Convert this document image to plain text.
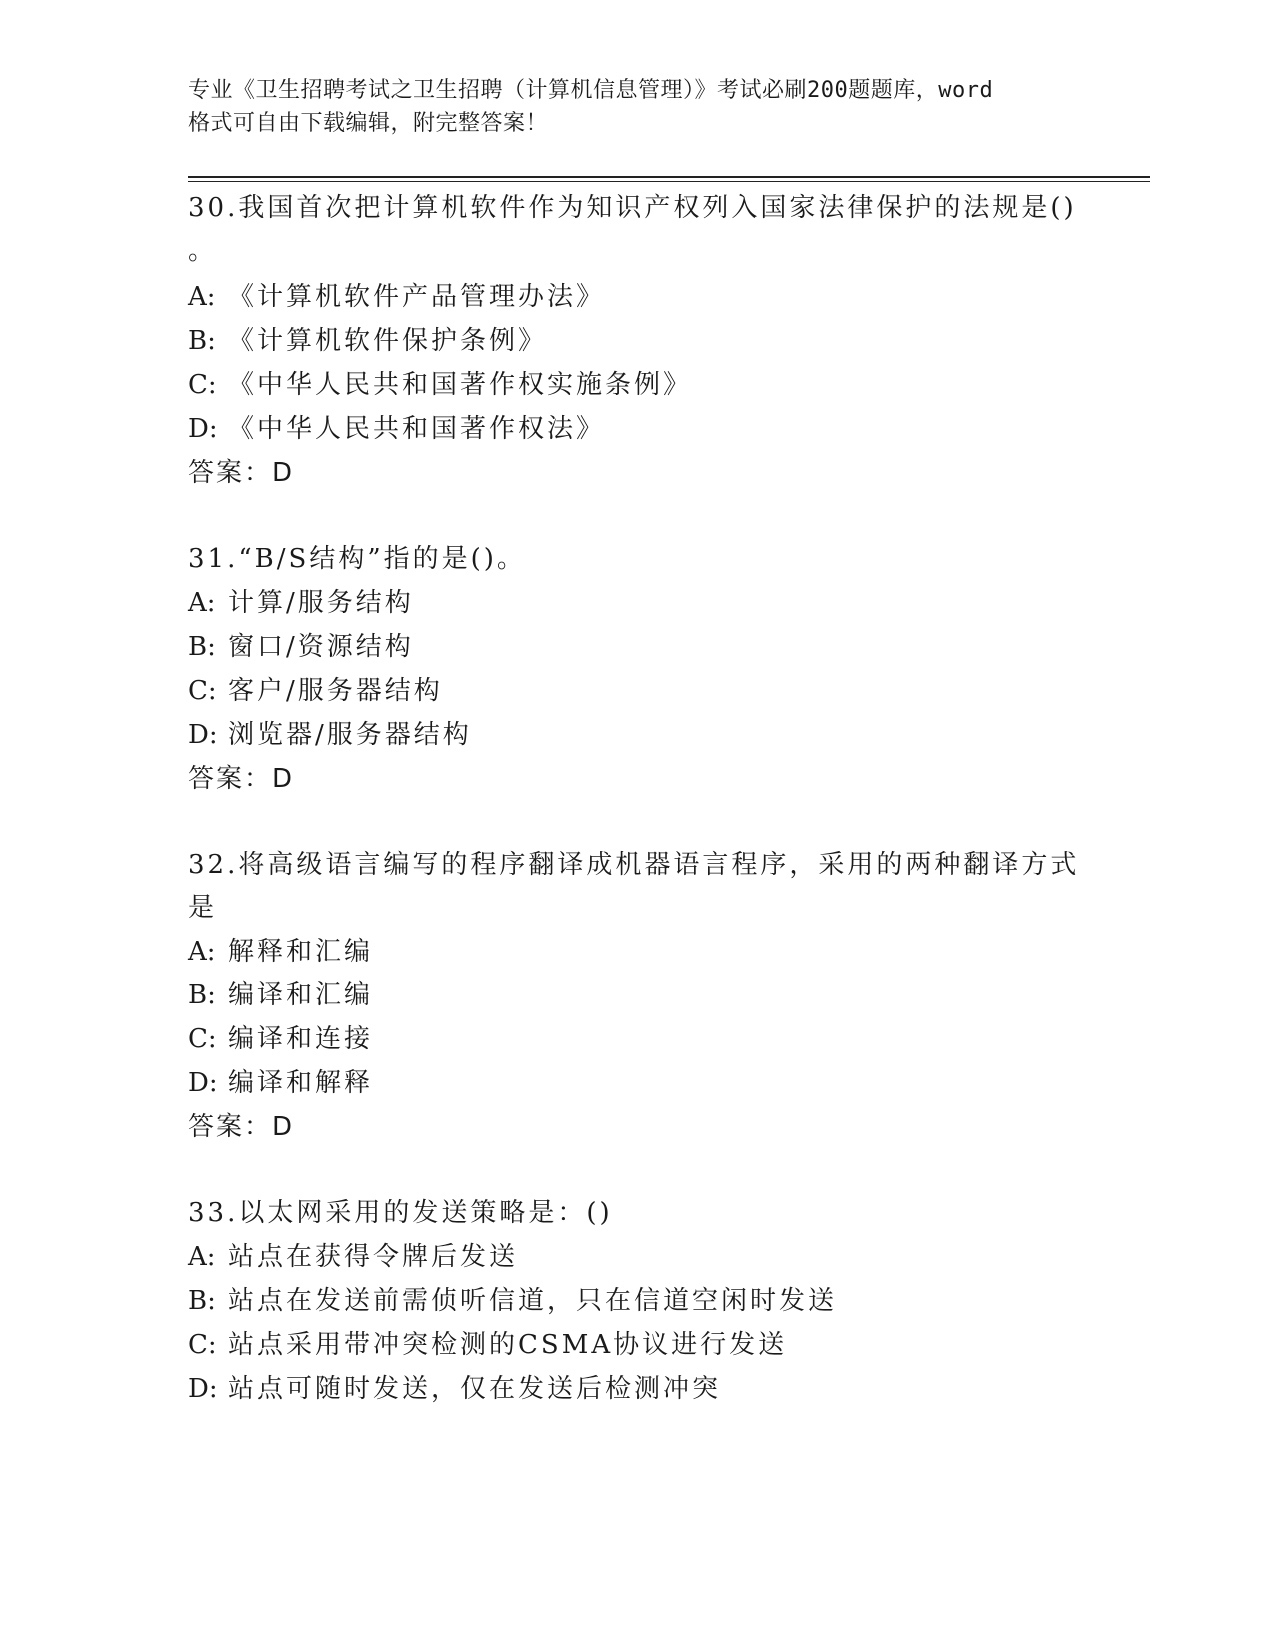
专业《卫生招聘考试之卫生招聘（计算机信息管理）》考试必刷200题题库，word
格式可自由下载编辑，附完整答案！
30.我国首次把计算机软件作为知识产权列入国家法律保护的法规是()
。
A: 《计算机软件产品管理办法》
B: 《计算机软件保护条例》
C: 《中华人民共和国著作权实施条例》
D: 《中华人民共和国著作权法》
答案：D
31.“B/S结构”指的是()。
A: 计算/服务结构
B: 窗口/资源结构
C: 客户/服务器结构
D: 浏览器/服务器结构
答案：D
32.将高级语言编写的程序翻译成机器语言程序，采用的两种翻译方式
是
A: 解释和汇编
B: 编译和汇编
C: 编译和连接
D: 编译和解释
答案：D
33.以太网采用的发送策略是：()
A: 站点在获得令牌后发送
B: 站点在发送前需侦听信道，只在信道空闲时发送
C: 站点采用带冲突检测的CSMA协议进行发送
D: 站点可随时发送，仅在发送后检测冲突
